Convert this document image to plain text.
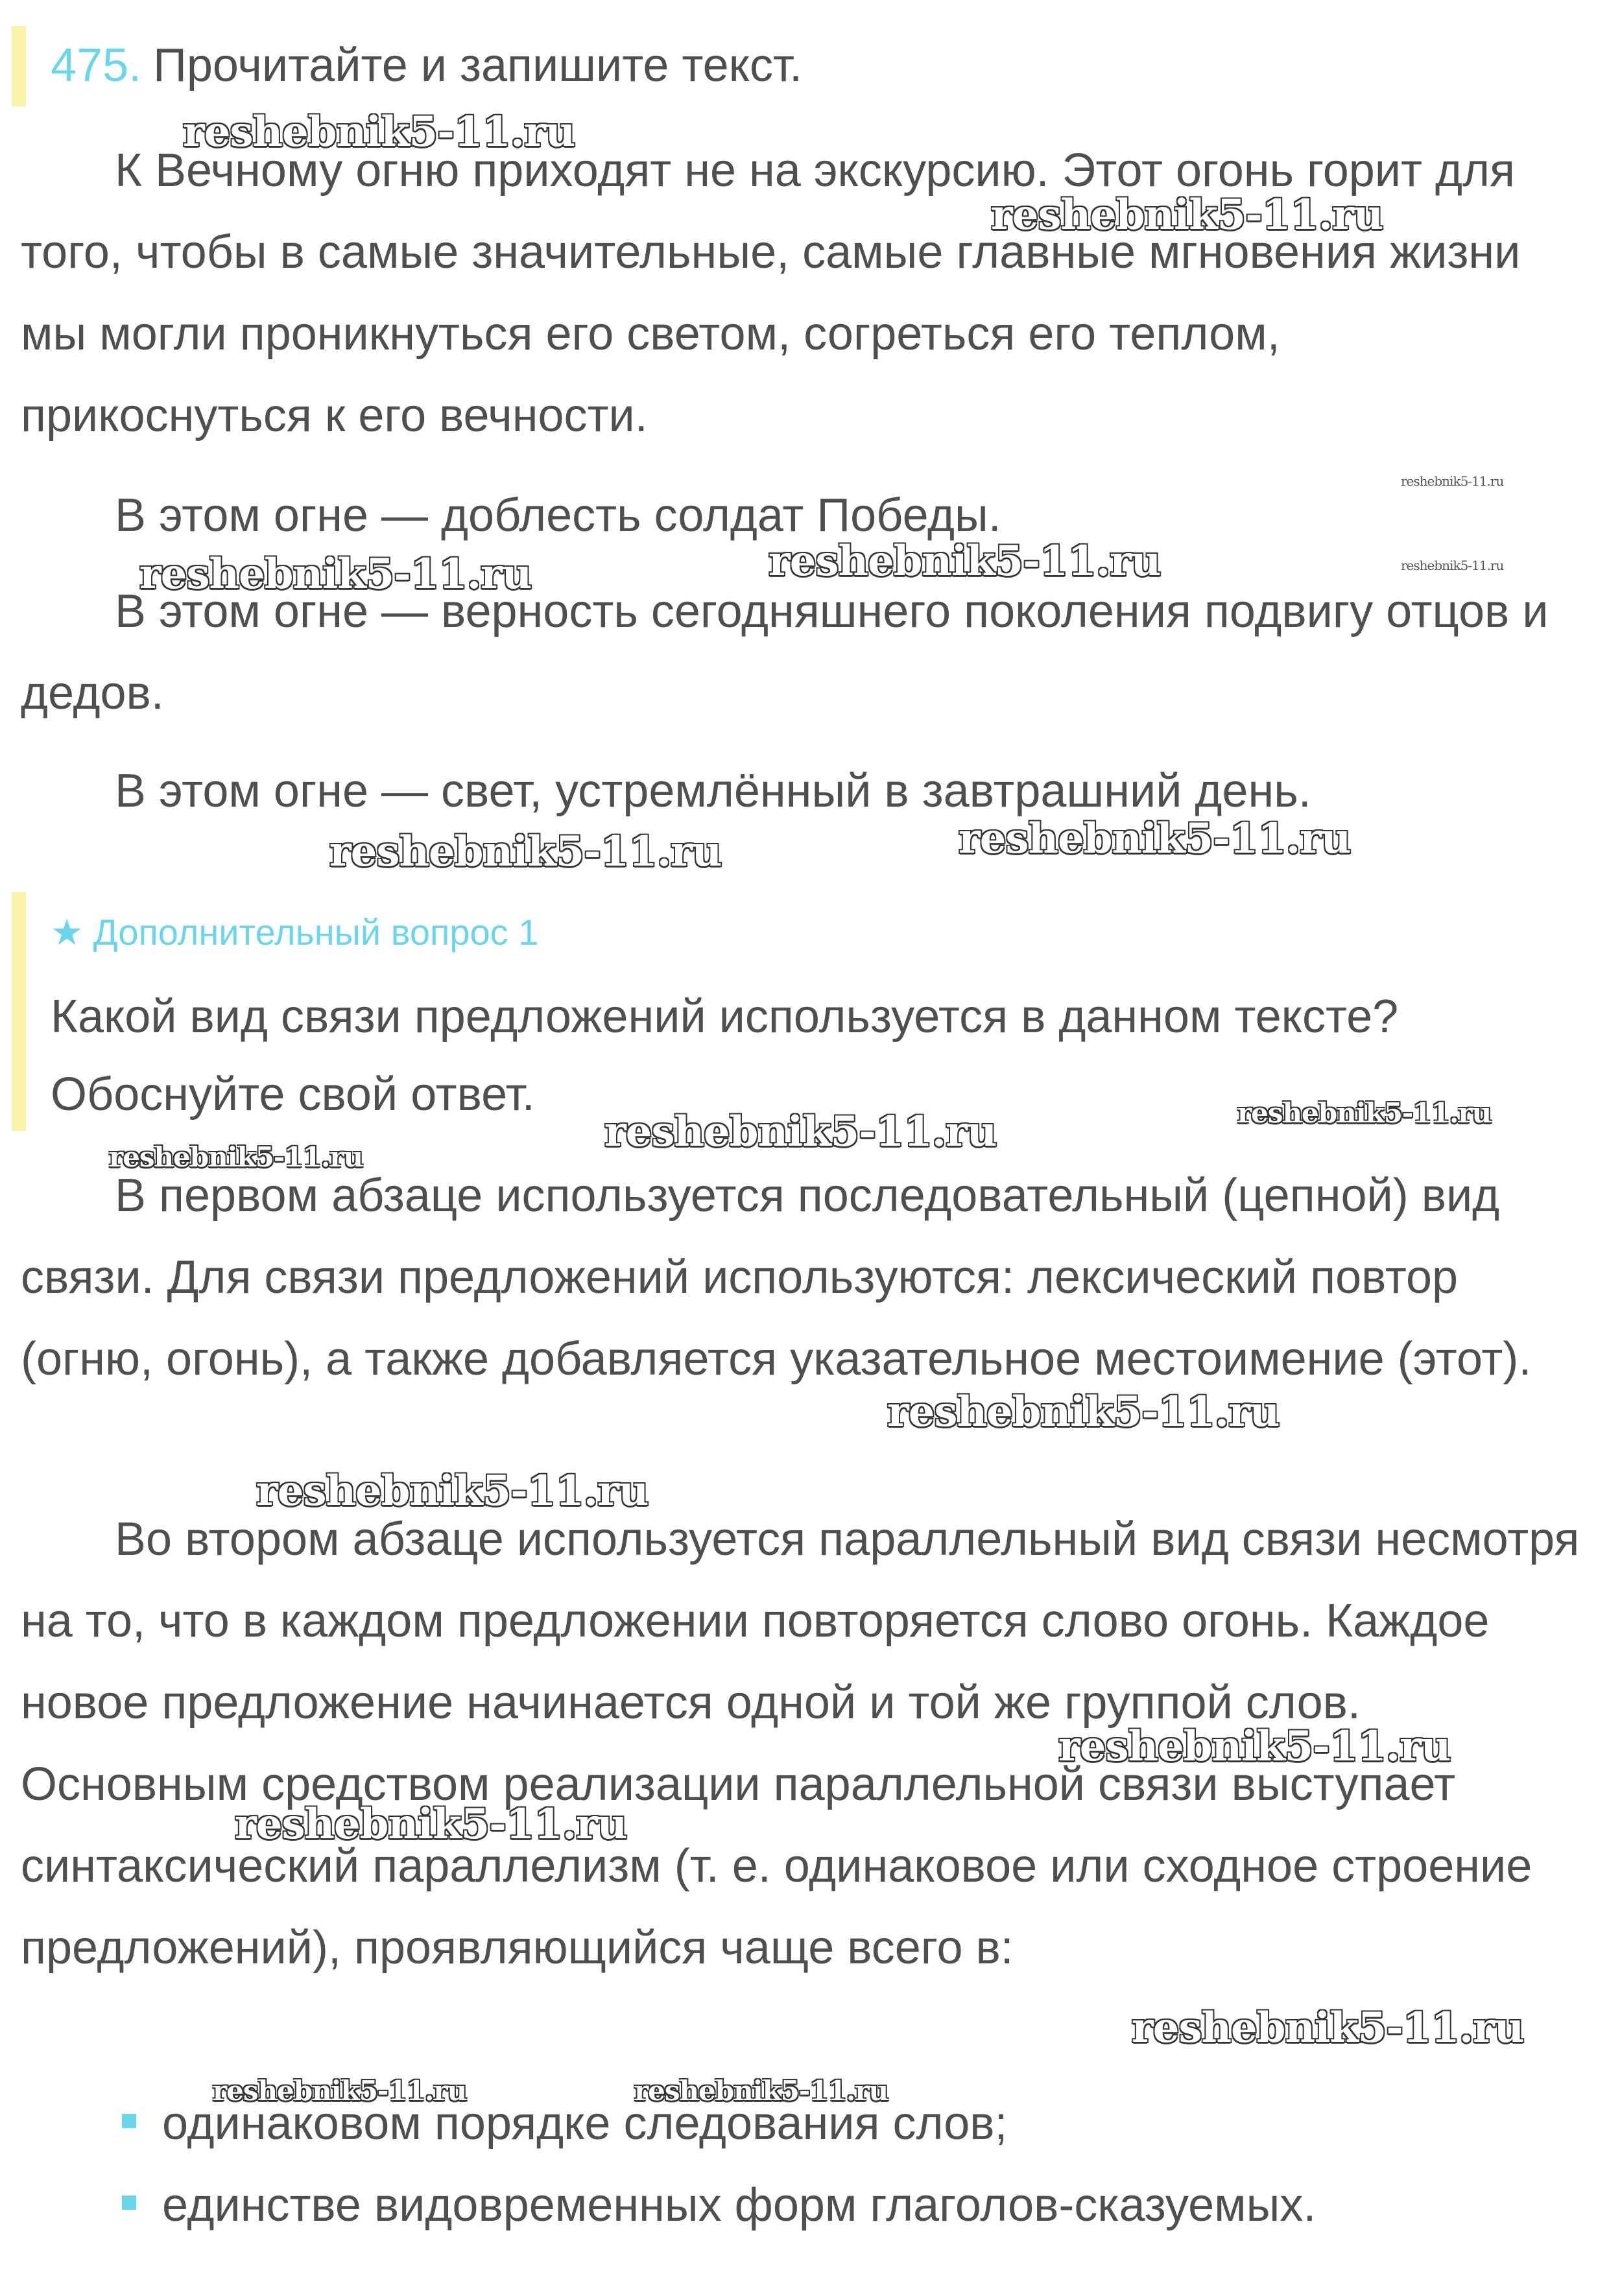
475. Прочитайте и запишите текст.

К Вечному огню приходят не на экскурсию. Этот огонь горит для того, чтобы в самые значительные, самые главные мгновения жизни мы могли проникнуться его светом, согреться его теплом, прикоснуться к его вечности.

В этом огне — доблесть солдат Победы.

В этом огне — верность сегодняшнего поколения подвигу отцов и дедов.

В этом огне — свет, устремлённый в завтрашний день.

★ Дополнительный вопрос 1
Какой вид связи предложений используется в данном тексте? Обоснуйте свой ответ.

В первом абзаце используется последовательный (цепной) вид связи. Для связи предложений используются: лексический повтор (огню, огонь), а также добавляется указательное местоимение (этот).

Во втором абзаце используется параллельный вид связи несмотря на то, что в каждом предложении повторяется слово огонь. Каждое новое предложение начинается одной и той же группой слов. Основным средством реализации параллельной связи выступает синтаксический параллелизм (т. е. одинаковое или сходное строение предложений), проявляющийся чаще всего в:

одинаковом порядке следования слов;
единстве видовременных форм глаголов-сказуемых.
reshebnik5-11.ru
reshebnik5-11.ru
reshebnik5-11.ru
reshebnik5-11.ru	reshebnik5-11.ru	reshebnik5-11.ru
reshebnik5-11.ru	reshebnik5-11.ru
reshebnik5-11.ru
reshebnik5-11.ru
reshebnik5-11.ru
reshebnik5-11.ru
reshebnik5-11.ru
reshebnik5-11.ru
reshebnik5-11.ru
reshebnik5-11.ru
reshebnik5-11.ru	reshebnik5-11.ru
